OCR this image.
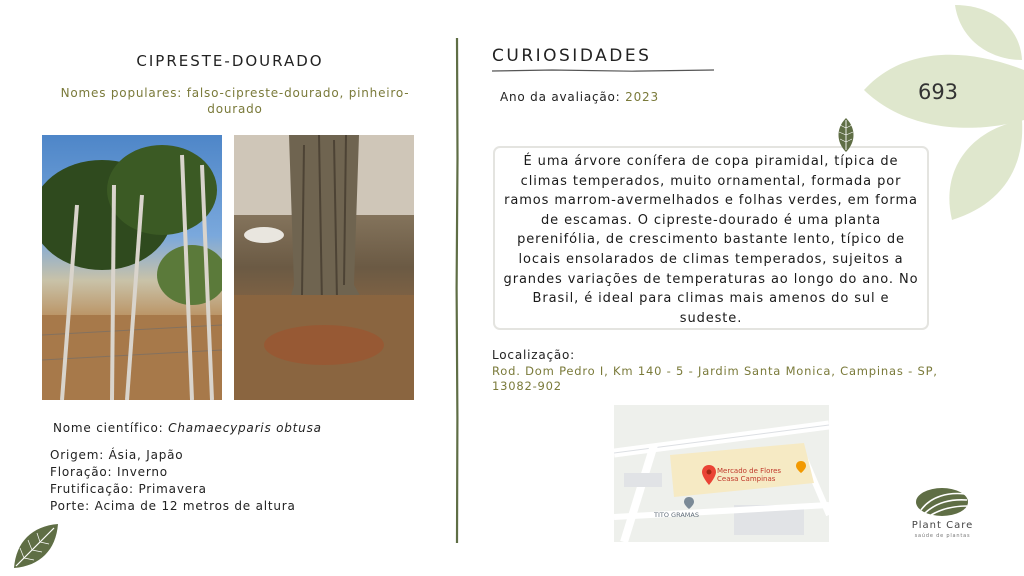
CIPRESTE-DOURADO
Nomes populares: falso-cipreste-dourado, pinheiro-dourado
Nome científico: Chamaecyparis obtusa
Origem: Ásia, Japão
Floração: Inverno
Frutificação: Primavera
Porte: Acima de 12 metros de altura
CURIOSIDADES
Ano da avaliação: 2023
É uma árvore conífera de copa piramidal, típica de climas temperados, muito ornamental, formada por ramos marrom-avermelhados e folhas verdes, em forma de escamas. O cipreste-dourado é uma planta perenifólia, de crescimento bastante lento, típico de locais ensolarados de climas temperados, sujeitos a grandes variações de temperaturas ao longo do ano. No Brasil, é ideal para climas mais amenos do sul e sudeste.
Localização:
Rod. Dom Pedro I, Km 140 - 5 - Jardim Santa Monica, Campinas - SP, 13082-902
Mercado de Flores
Ceasa Campinas
TITO GRAMAS
693
Plant Care
saúde de plantas
